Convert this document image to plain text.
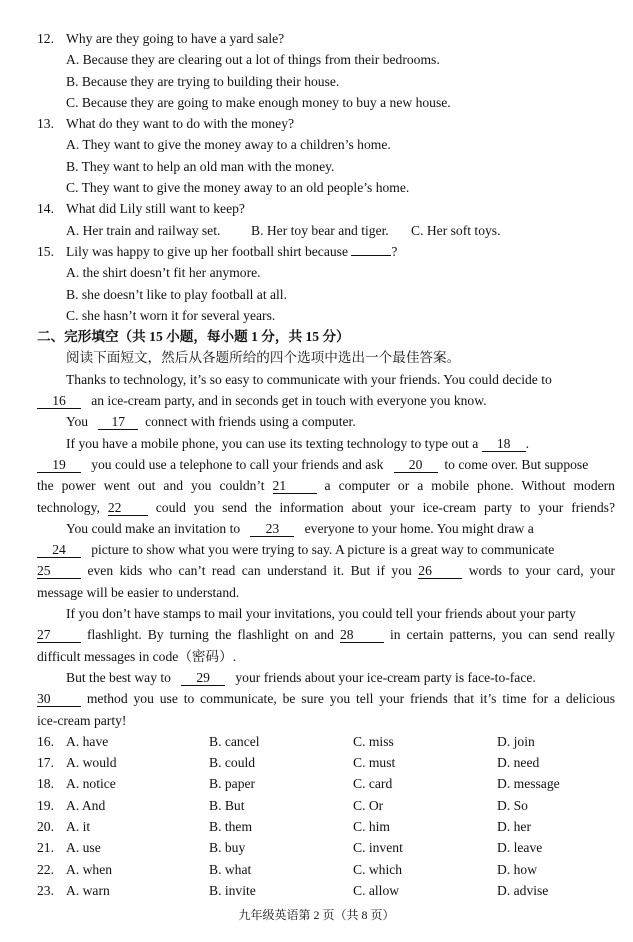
12. Why are they going to have a yard sale?
A. Because they are clearing out a lot of things from their bedrooms.
B. Because they are trying to building their house.
C. Because they are going to make enough money to buy a new house.
13. What do they want to do with the money?
A. They want to give the money away to a children’s home.
B. They want to help an old man with the money.
C. They want to give the money away to an old people’s home.
14. What did Lily still want to keep?
A. Her train and railway set. B. Her toy bear and tiger. C. Her soft toys.
15. Lily was happy to give up her football shirt because	?
A. the shirt doesn’t fit her anymore.
B. she doesn’t like to play football at all.
C. she hasn’t worn it for several years.
二、完形填空（共 15 小题，每小题 1 分，共 15 分）
阅读下面短文，然后从各题所给的四个选项中选出一个最佳答案。
Thanks to technology, it’s so easy to communicate with your friends. You could decide to
16 an ice-cream party, and in seconds get in touch with everyone you know.
You 17 connect with friends using a computer.
If you have a mobile phone, you can use its texting technology to type out a 18 .
19 you could use a telephone to call your friends and ask 20 to come over. But suppose
the power went out and you couldn’t 21	a computer or a mobile phone. Without modern
technology, 22	could you send the information about your ice-cream party to your friends?
You could make an invitation to 23 everyone to your home. You might draw a
24 picture to show what you were trying to say. A picture is a great way to communicate
25	even kids who can’t read can understand it. But if you 26	words to your card, your
message will be easier to understand.
If you don’t have stamps to mail your invitations, you could tell your friends about your party
27	flashlight. By turning the flashlight on and 28	in certain patterns, you can send really
difficult messages in code（密码）.
But the best way to 29 your friends about your ice-cream party is face-to-face.
30	method you use to communicate, be sure you tell your friends that it’s time for a delicious
ice-cream party!
16. A. have	B. cancel	C. miss	D. join
17. A. would	B. could	C. must	D. need
18. A. notice	B. paper	C. card	D. message
19. A. And	B. But	C. Or	D. So
20. A. it	B. them	C. him	D. her
21. A. use	B. buy	C. invent	D. leave
22. A. when	B. what	C. which	D. how
23. A. warn	B. invite	C. allow	D. advise
九年级英语第 2 页（共 8 页）
